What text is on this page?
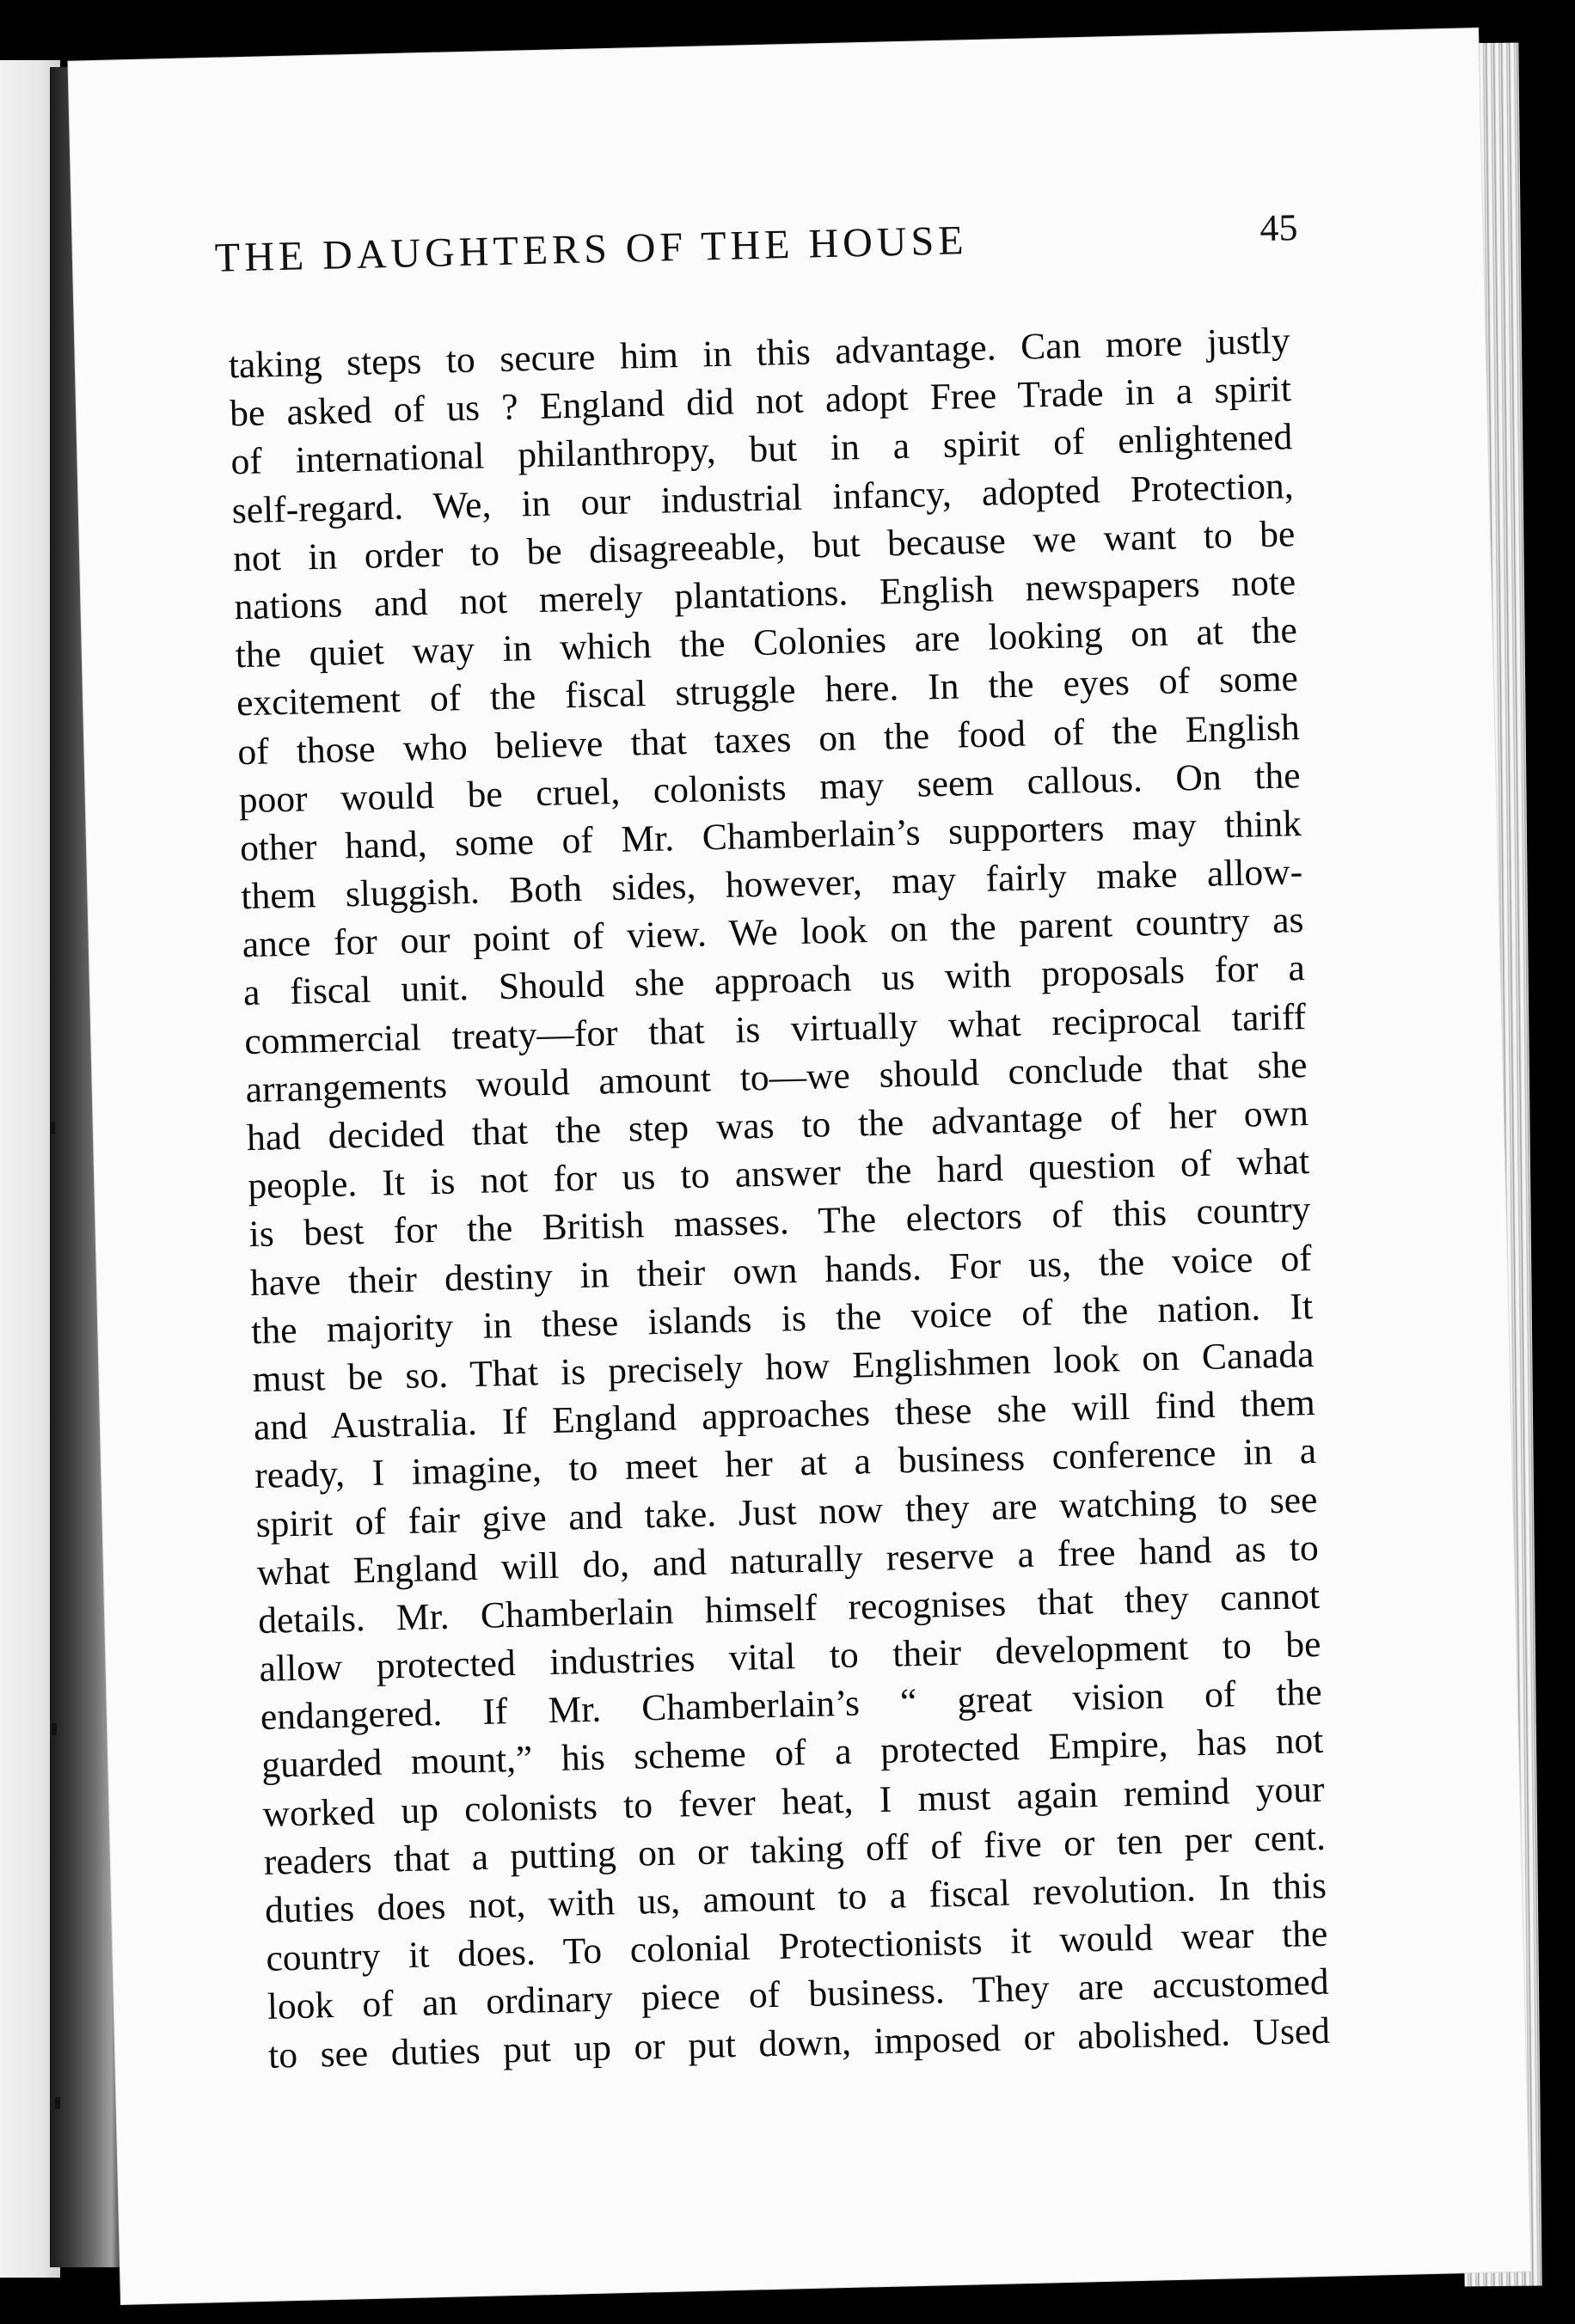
THE DAUGHTERS OF THE HOUSE	45
taking steps to secure him in this advantage. Can more justly
be asked of us ? England did not adopt Free Trade in a spirit
of international philanthropy, but in a spirit of enlightened
self-regard. We, in our industrial infancy, adopted Protection,
not in order to be disagreeable, but because we want to be
nations and not merely plantations. English newspapers note
the quiet way in which the Colonies are looking on at the
excitement of the fiscal struggle here. In the eyes of some
of those who believe that taxes on the food of the English
poor would be cruel, colonists may seem callous. On the
other hand, some of Mr. Chamberlain’s supporters may think
them sluggish. Both sides, however, may fairly make allow-
ance for our point of view. We look on the parent country as
a fiscal unit. Should she approach us with proposals for a
commercial treaty—for that is virtually what reciprocal tariff
arrangements would amount to—we should conclude that she
had decided that the step was to the advantage of her own
people. It is not for us to answer the hard question of what
is best for the British masses. The electors of this country
have their destiny in their own hands. For us, the voice of
the majority in these islands is the voice of the nation. It
must be so. That is precisely how Englishmen look on Canada
and Australia. If England approaches these she will find them
ready, I imagine, to meet her at a business conference in a
spirit of fair give and take. Just now they are watching to see
what England will do, and naturally reserve a free hand as to
details. Mr. Chamberlain himself recognises that they cannot
allow protected industries vital to their development to be
endangered. If Mr. Chamberlain’s “ great vision of the
guarded mount,” his scheme of a protected Empire, has not
worked up colonists to fever heat, I must again remind your
readers that a putting on or taking off of five or ten per cent.
duties does not, with us, amount to a fiscal revolution. In this
country it does. To colonial Protectionists it would wear the
look of an ordinary piece of business. They are accustomed
to see duties put up or put down, imposed or abolished. Used
